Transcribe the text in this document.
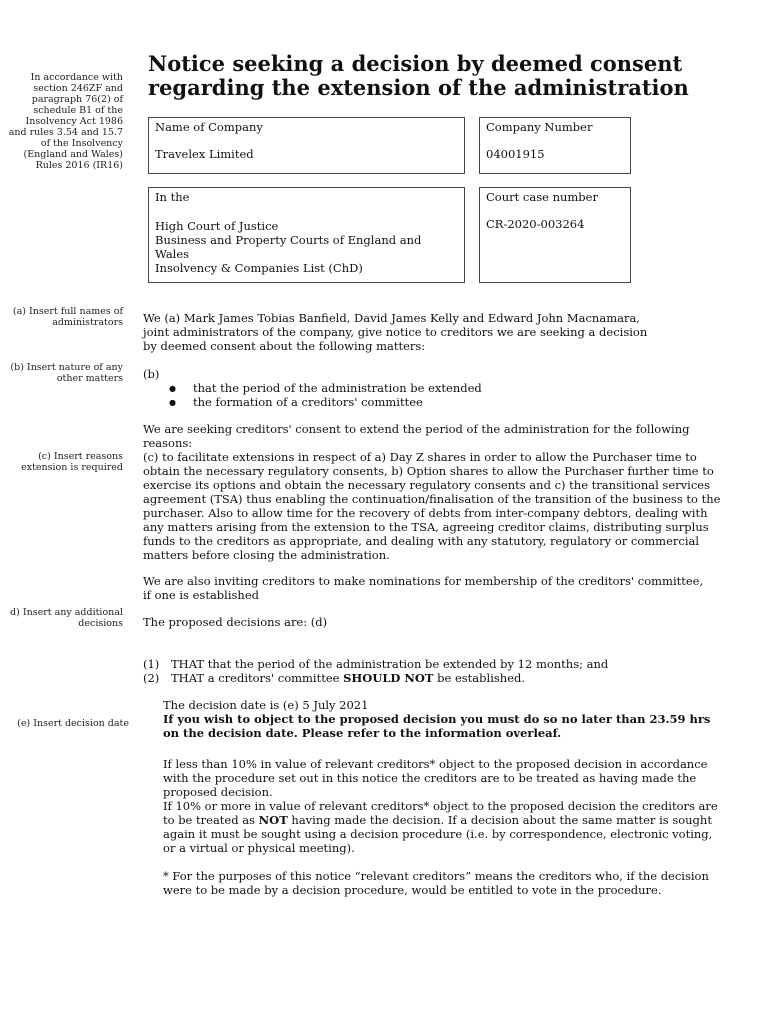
In accordance with section 246ZF and paragraph 76(2) of schedule B1 of the Insolvency Act 1986 and rules 3.54 and 15.7 of the Insolvency (England and Wales) Rules 2016 (IR16)
(a) Insert full names of administrators
(b) Insert nature of any other matters
(c) Insert reasons extension is required
d) Insert any additional decisions
(e) Insert decision date
Notice seeking a decision by deemed consent regarding the extension of the administration
Name of Company
Travelex Limited
Company Number
04001915
In the
High Court of Justice
Business and Property Courts of England and Wales
Insolvency & Companies List (ChD)
Court case number
CR-2020-003264

We (a) Mark James Tobias Banfield, David James Kelly and Edward John Macnamara, joint administrators of the company, give notice to creditors we are seeking a decision by deemed consent about the following matters:

(b)

● that the period of the administration be extended
● the formation of a creditors' committee

We are seeking creditors' consent to extend the period of the administration for the following reasons:

(c) to facilitate extensions in respect of a) Day Z shares in order to allow the Purchaser time to obtain the necessary regulatory consents, b) Option shares to allow the Purchaser further time to exercise its options and obtain the necessary regulatory consents and c) the transitional services agreement (TSA) thus enabling the continuation/finalisation of the transition of the business to the purchaser. Also to allow time for the recovery of debts from inter-company debtors, dealing with any matters arising from the extension to the TSA, agreeing creditor claims, distributing surplus funds to the creditors as appropriate, and dealing with any statutory, regulatory or commercial matters before closing the administration.

We are also inviting creditors to make nominations for membership of the creditors' committee, if one is established

The proposed decisions are: (d)

(1) THAT that the period of the administration be extended by 12 months; and
(2) THAT a creditors' committee SHOULD NOT be established.

The decision date is (e) 5 July 2021

If you wish to object to the proposed decision you must do so no later than 23.59 hrs on the decision date. Please refer to the information overleaf.

If less than 10% in value of relevant creditors* object to the proposed decision in accordance with the procedure set out in this notice the creditors are to be treated as having made the proposed decision.

If 10% or more in value of relevant creditors* object to the proposed decision the creditors are to be treated as NOT having made the decision. If a decision about the same matter is sought again it must be sought using a decision procedure (i.e. by correspondence, electronic voting, or a virtual or physical meeting).

* For the purposes of this notice “relevant creditors” means the creditors who, if the decision were to be made by a decision procedure, would be entitled to vote in the procedure.
